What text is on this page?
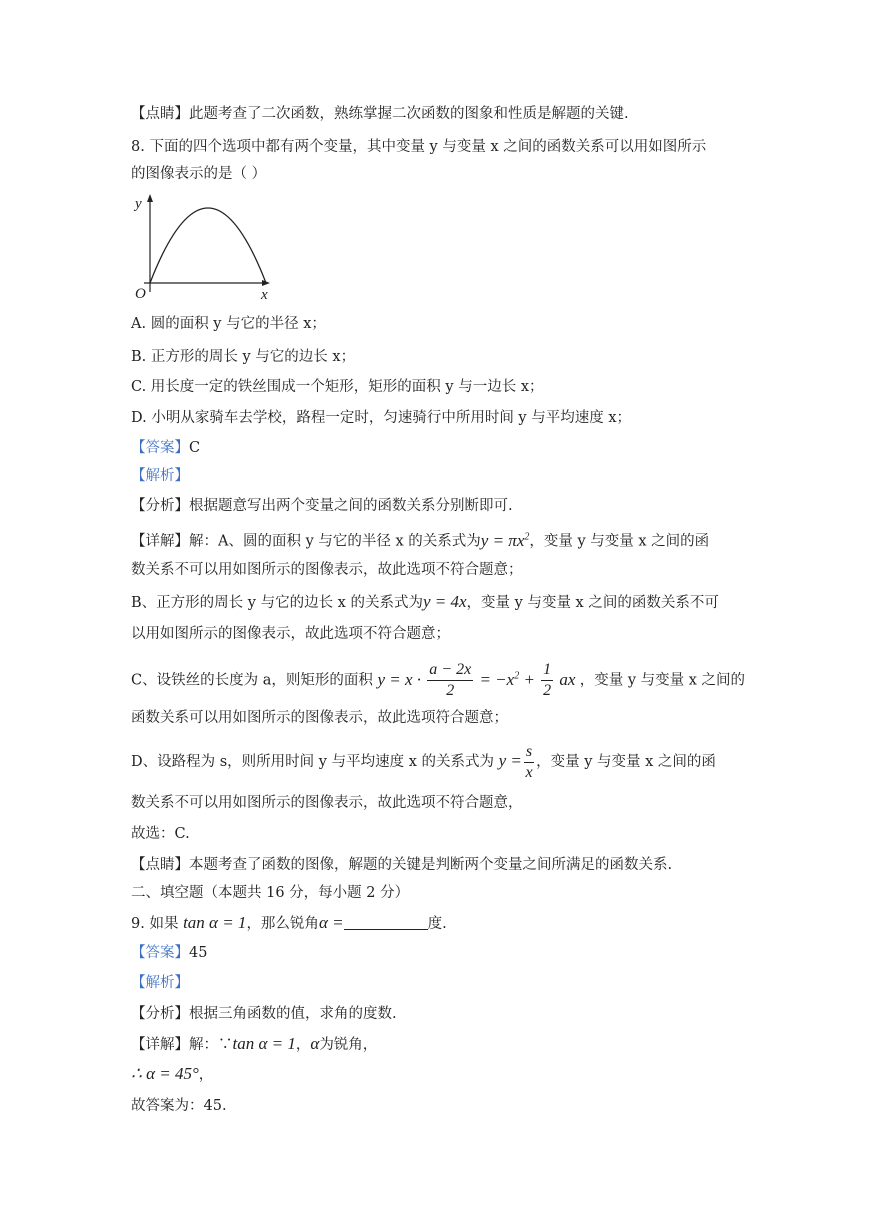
【点睛】此题考查了二次函数，熟练掌握二次函数的图象和性质是解题的关键.
8. 下面的四个选项中都有两个变量，其中变量 y 与变量 x 之间的函数关系可以用如图所示
的图像表示的是（ ）
y
x
O
A. 圆的面积 y 与它的半径 x；
B. 正方形的周长 y 与它的边长 x；
C. 用长度一定的铁丝围成一个矩形，矩形的面积 y 与一边长 x；
D. 小明从家骑车去学校，路程一定时，匀速骑行中所用时间 y 与平均速度 x；
【答案】C
【解析】
【分析】根据题意写出两个变量之间的函数关系分别断即可.
【详解】解：A、圆的面积 y 与它的半径 x 的关系式为$y = \pi x^2$，变量 y 与变量 x 之间的函
数关系不可以用如图所示的图像表示，故此选项不符合题意；
B、正方形的周长 y 与它的边长 x 的关系式为y = 4x，变量 y 与变量 x 之间的函数关系不可
以用如图所示的图像表示，故此选项不符合题意；
C、设铁丝的长度为 a，则矩形的面积 $y = x \cdot \frac{a - 2x}{2} = -x^2 + \frac{1}{2}$ ax ，变量 y 与变量 x 之间的
函数关系可以用如图所示的图像表示，故此选项符合题意；
D、设路程为 s，则所用时间 y 与平均速度 x 的关系式为 $y = \frac{s}{x}$ ，变量 y 与变量 x 之间的函
数关系不可以用如图所示的图像表示，故此选项不符合题意，
故选：C.
【点睛】本题考查了函数的图像，解题的关键是判断两个变量之间所满足的函数关系.
二、填空题（本题共 16 分，每小题 2 分）
9. 如果 tan α = 1，那么锐角α =	度.
【答案】45
【解析】
【分析】根据三角函数的值，求角的度数.
【详解】解：∵tan α = 1，α为锐角，
∴ α = 45°，
故答案为：45.
